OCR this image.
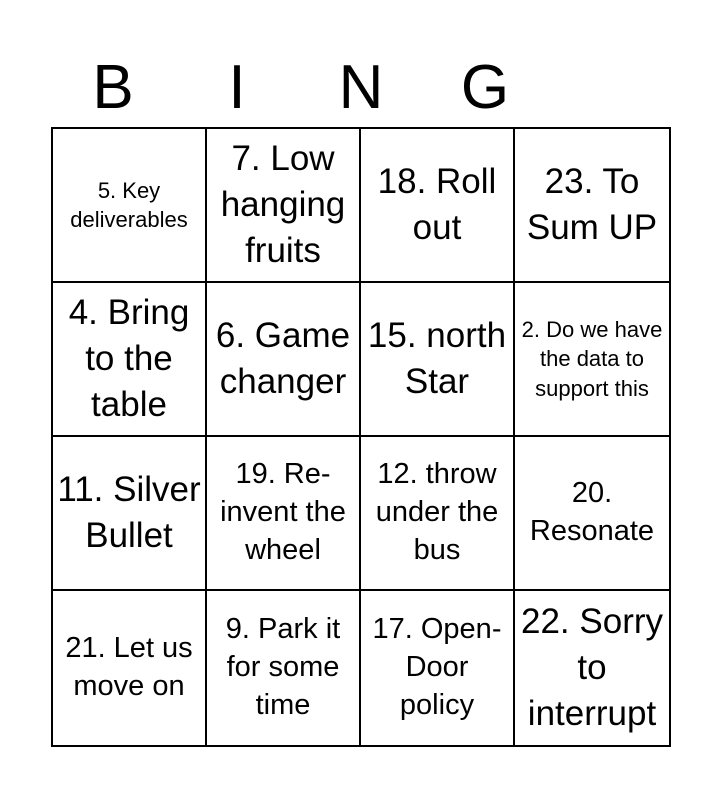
B	I	N	G
5. Key deliverables
7. Low hanging fruits
18. Roll out
23. To Sum UP
4. Bring to the table
6. Game changer
15. north Star
2. Do we have the data to support this
11. Silver Bullet
19. Re-invent the wheel
12. throw under the bus
20. Resonate
21. Let us move on
9. Park it for some time
17. Open-Door policy
22. Sorry to interrupt
